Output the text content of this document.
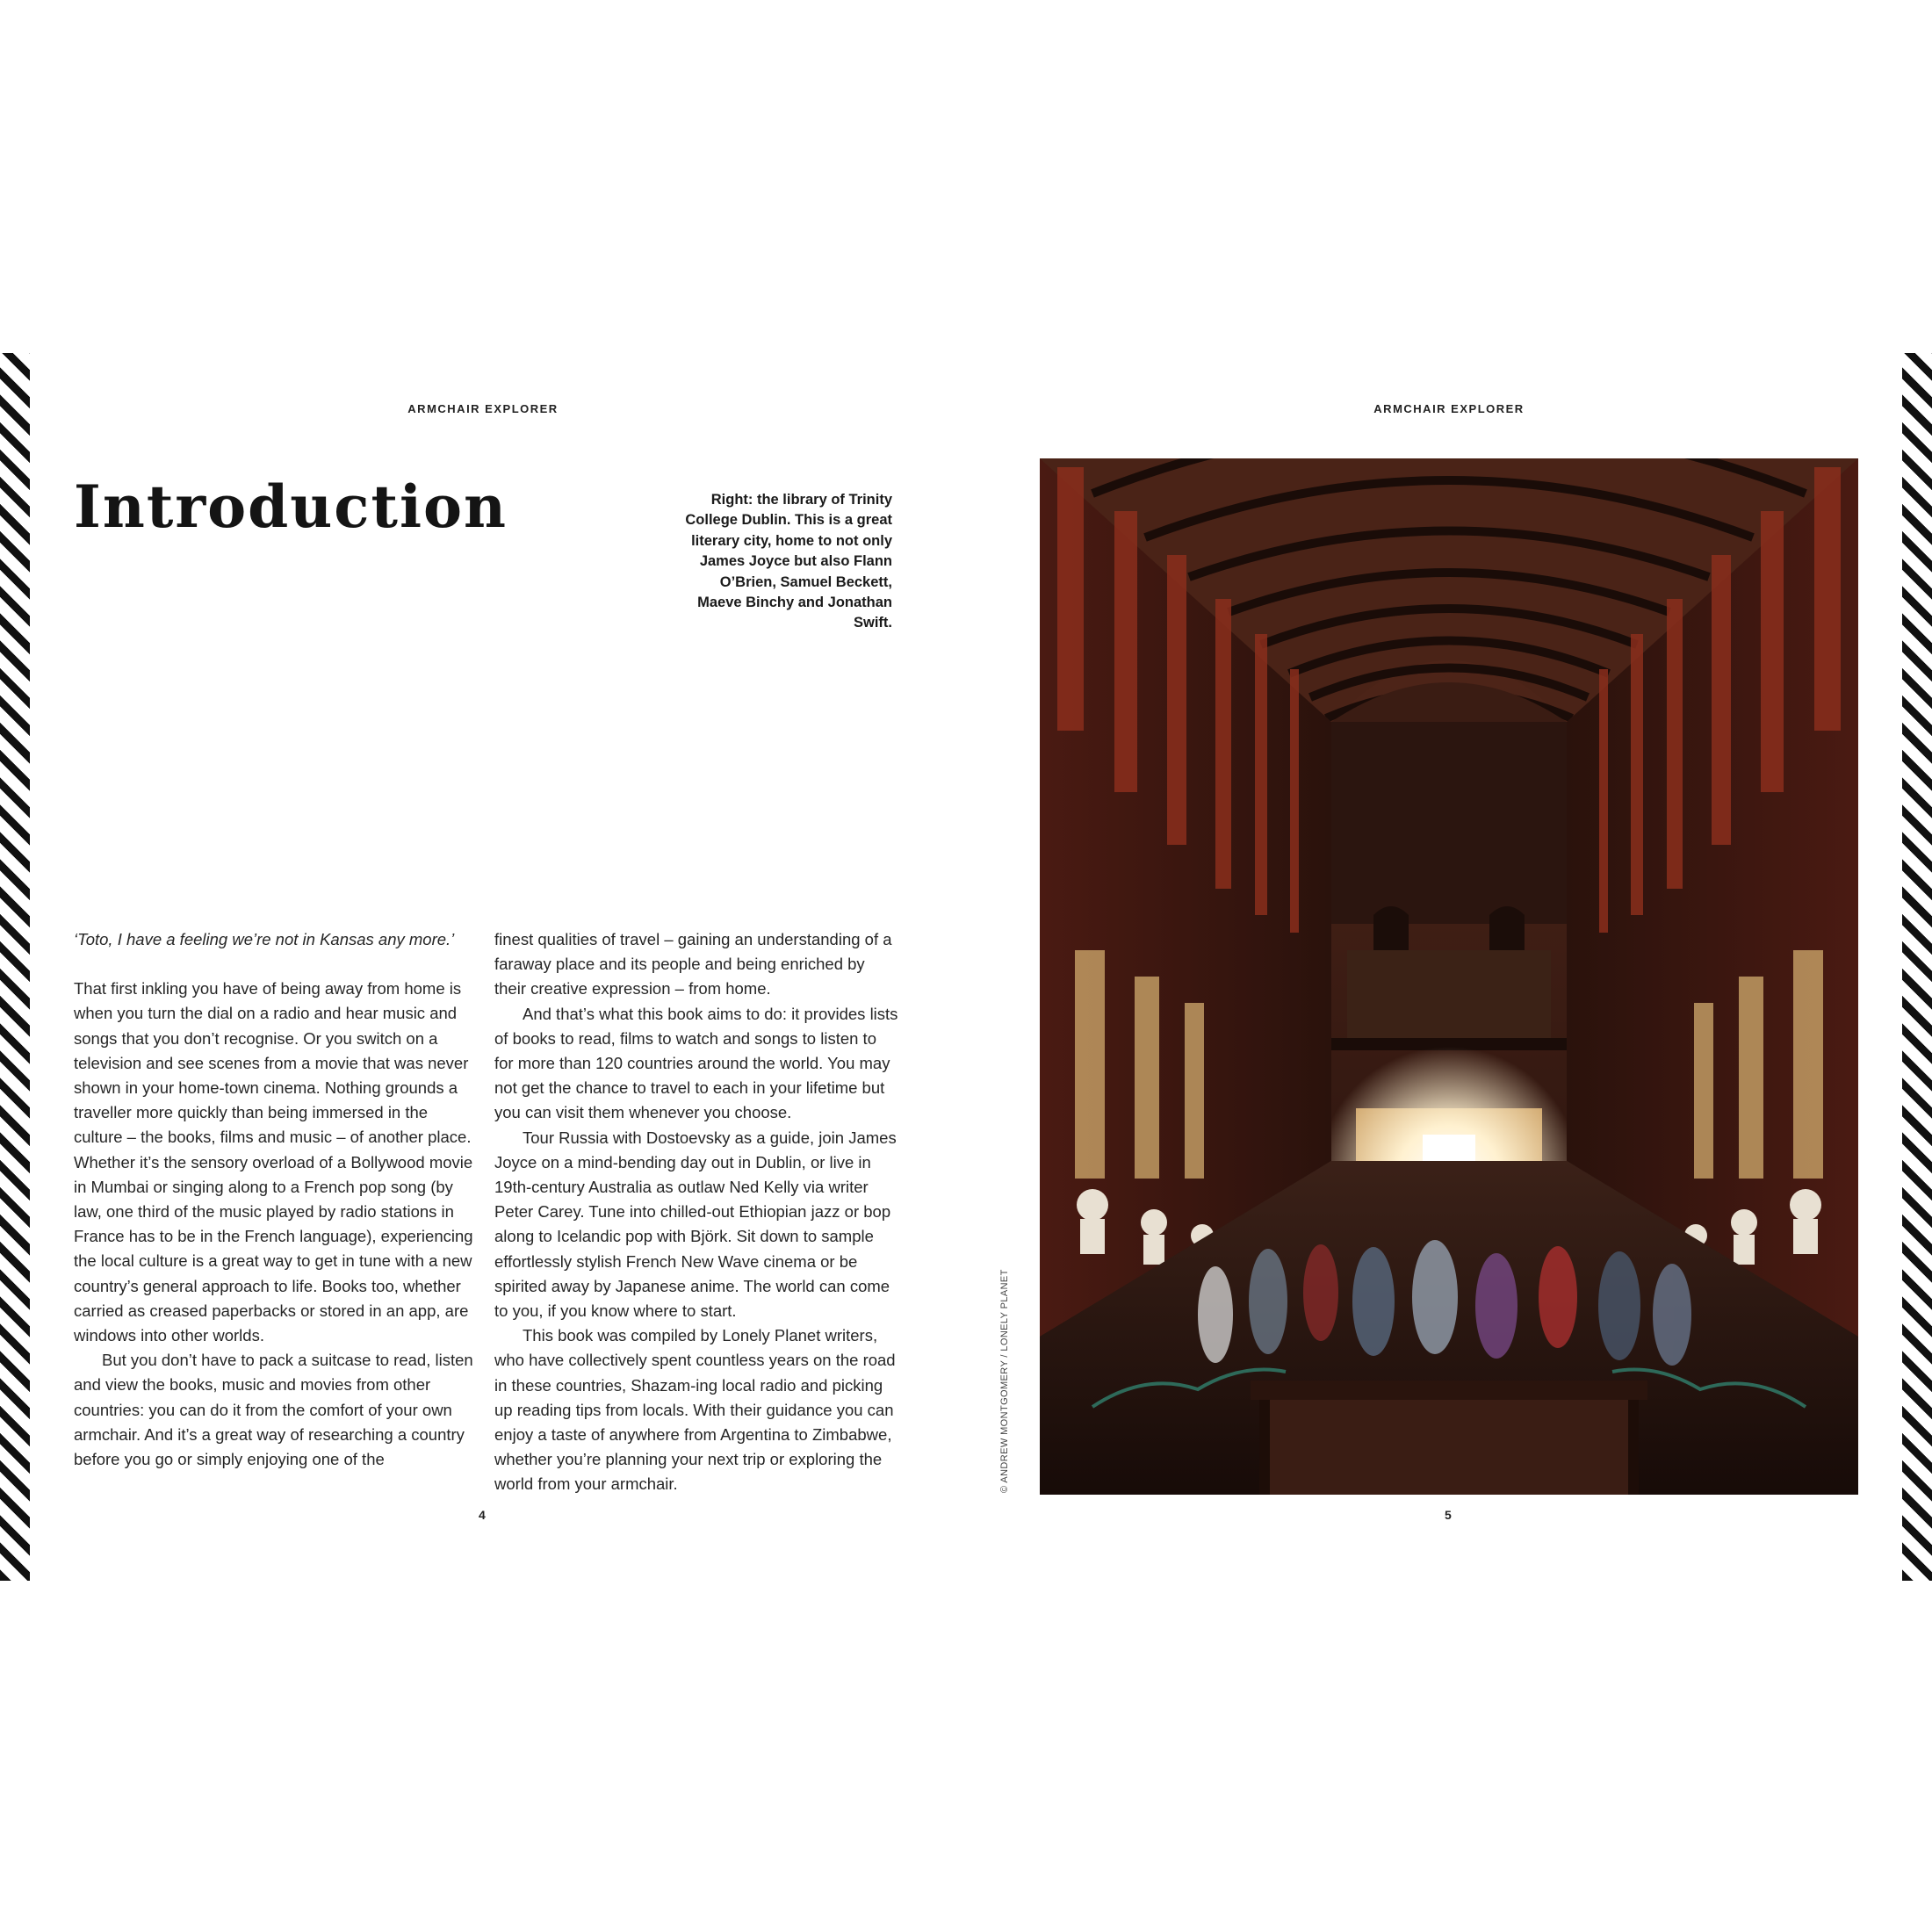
ARMCHAIR EXPLORER	ARMCHAIR EXPLORER
Introduction	Right: the library of Trinity College Dublin. This is a great literary city, home to not only James Joyce but also Flann O’Brien, Samuel Beckett, Maeve Binchy and Jonathan Swift.

‘Toto, I have a feeling we’re not in Kansas any more.’

That first inkling you have of being away from home is when you turn the dial on a radio and hear music and songs that you don’t recognise. Or you switch on a television and see scenes from a movie that was never shown in your home-town cinema. Nothing grounds a traveller more quickly than being immersed in the culture – the books, films and music – of another place. Whether it’s the sensory overload of a Bollywood movie in Mumbai or singing along to a French pop song (by law, one third of the music played by radio stations in France has to be in the French language), experiencing the local culture is a great way to get in tune with a new country’s general approach to life. Books too, whether carried as creased paperbacks or stored in an app, are windows into other worlds.

But you don’t have to pack a suitcase to read, listen and view the books, music and movies from other countries: you can do it from the comfort of your own armchair. And it’s a great way of researching a country before you go or simply enjoying one of the

finest qualities of travel – gaining an understanding of a faraway place and its people and being enriched by their creative expression – from home.

And that’s what this book aims to do: it provides lists of books to read, films to watch and songs to listen to for more than 120 countries around the world. You may not get the chance to travel to each in your lifetime but you can visit them whenever you choose.

Tour Russia with Dostoevsky as a guide, join James Joyce on a mind-bending day out in Dublin, or live in 19th-century Australia as outlaw Ned Kelly via writer Peter Carey. Tune into chilled-out Ethiopian jazz or bop along to Icelandic pop with Björk. Sit down to sample effortlessly stylish French New Wave cinema or be spirited away by Japanese anime. The world can come to you, if you know where to start.

This book was compiled by Lonely Planet writers, who have collectively spent countless years on the road in these countries, Shazam-ing local radio and picking up reading tips from locals. With their guidance you can enjoy a taste of anywhere from Argentina to Zimbabwe, whether you’re planning your next trip or exploring the world from your armchair.

4	5
© ANDREW MONTGOMERY / LONELY PLANET
